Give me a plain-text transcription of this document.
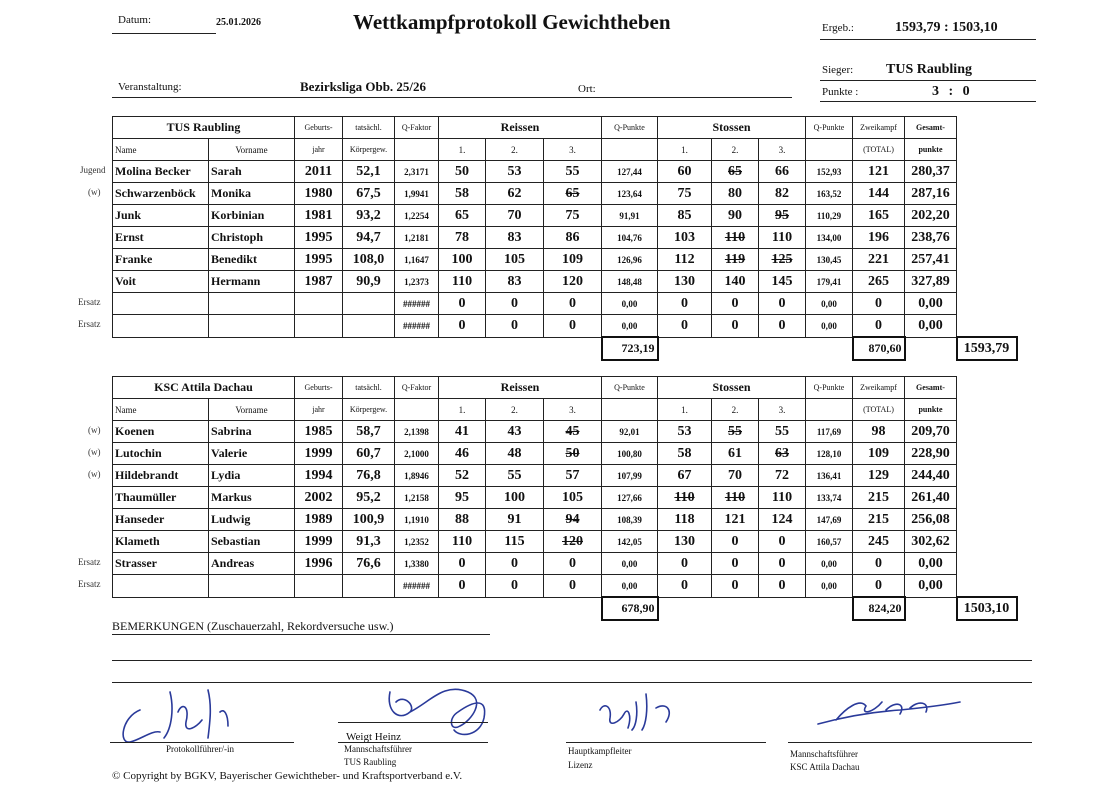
Datum:	25.01.2026	Wettkampfprotokoll Gewichtheben	Ergeb.:	1593,79 : 1503,10
Sieger: TUS Raubling
Punkte :	3 : 0
Veranstaltung:	Bezirksliga Obb. 25/26	Ort:
TUS Raubling		Geburts-	tatsächl.	Q-Faktor	Reissen			Q-Punkte	Stossen			Q-Punkte	Zweikampf	Gesamt-	
Name	Vorname	jahr	Körpergew.		1.	2.	3.		1.	2.	3.		(TOTAL)	punkte	
Molina Becker	Sarah	2011	52,1	2,3171	50	53	55	127,44	60	65	66	152,93	121	280,37	
Schwarzenböck	Monika	1980	67,5	1,9941	58	62	65	123,64	75	80	82	163,52	144	287,16	
Junk	Korbinian	1981	93,2	1,2254	65	70	75	91,91	85	90	95	110,29	165	202,20	
Ernst	Christoph	1995	94,7	1,2181	78	83	86	104,76	103	110	110	134,00	196	238,76	
Franke	Benedikt	1995	108,0	1,1647	100	105	109	126,96	112	119	125	130,45	221	257,41	
Voit	Hermann	1987	90,9	1,2373	110	83	120	148,48	130	140	145	179,41	265	327,89	
				######	0	0	0	0,00	0	0	0	0,00	0	0,00	
				######	0	0	0	0,00	0	0	0	0,00	0	0,00	
								723,19					870,60		1593,79
Jugend
(w)
Ersatz
Ersatz
KSC Attila Dachau		Geburts-	tatsächl.	Q-Faktor	Reissen			Q-Punkte	Stossen			Q-Punkte	Zweikampf	Gesamt-	
Name	Vorname	jahr	Körpergew.		1.	2.	3.		1.	2.	3.		(TOTAL)	punkte	
Koenen	Sabrina	1985	58,7	2,1398	41	43	45	92,01	53	55	55	117,69	98	209,70	
Lutochin	Valerie	1999	60,7	2,1000	46	48	50	100,80	58	61	63	128,10	109	228,90	
Hildebrandt	Lydia	1994	76,8	1,8946	52	55	57	107,99	67	70	72	136,41	129	244,40	
Thaumüller	Markus	2002	95,2	1,2158	95	100	105	127,66	110	110	110	133,74	215	261,40	
Hanseder	Ludwig	1989	100,9	1,1910	88	91	94	108,39	118	121	124	147,69	215	256,08	
Klameth	Sebastian	1999	91,3	1,2352	110	115	120	142,05	130	0	0	160,57	245	302,62	
Strasser	Andreas	1996	76,6	1,3380	0	0	0	0,00	0	0	0	0,00	0	0,00	
				######	0	0	0	0,00	0	0	0	0,00	0	0,00	
								678,90					824,20		1503,10
(w)
(w)
(w)
Ersatz
Ersatz
BEMERKUNGEN (Zuschauerzahl, Rekordversuche usw.)
Protokollführer/-in
Weigt Heinz
Mannschaftsführer
TUS Raubling
Hauptkampfleiter
Lizenz
Mannschaftsführer
KSC Attila Dachau
© Copyright by BGKV, Bayerischer Gewichtheber- und Kraftsportverband e.V.
